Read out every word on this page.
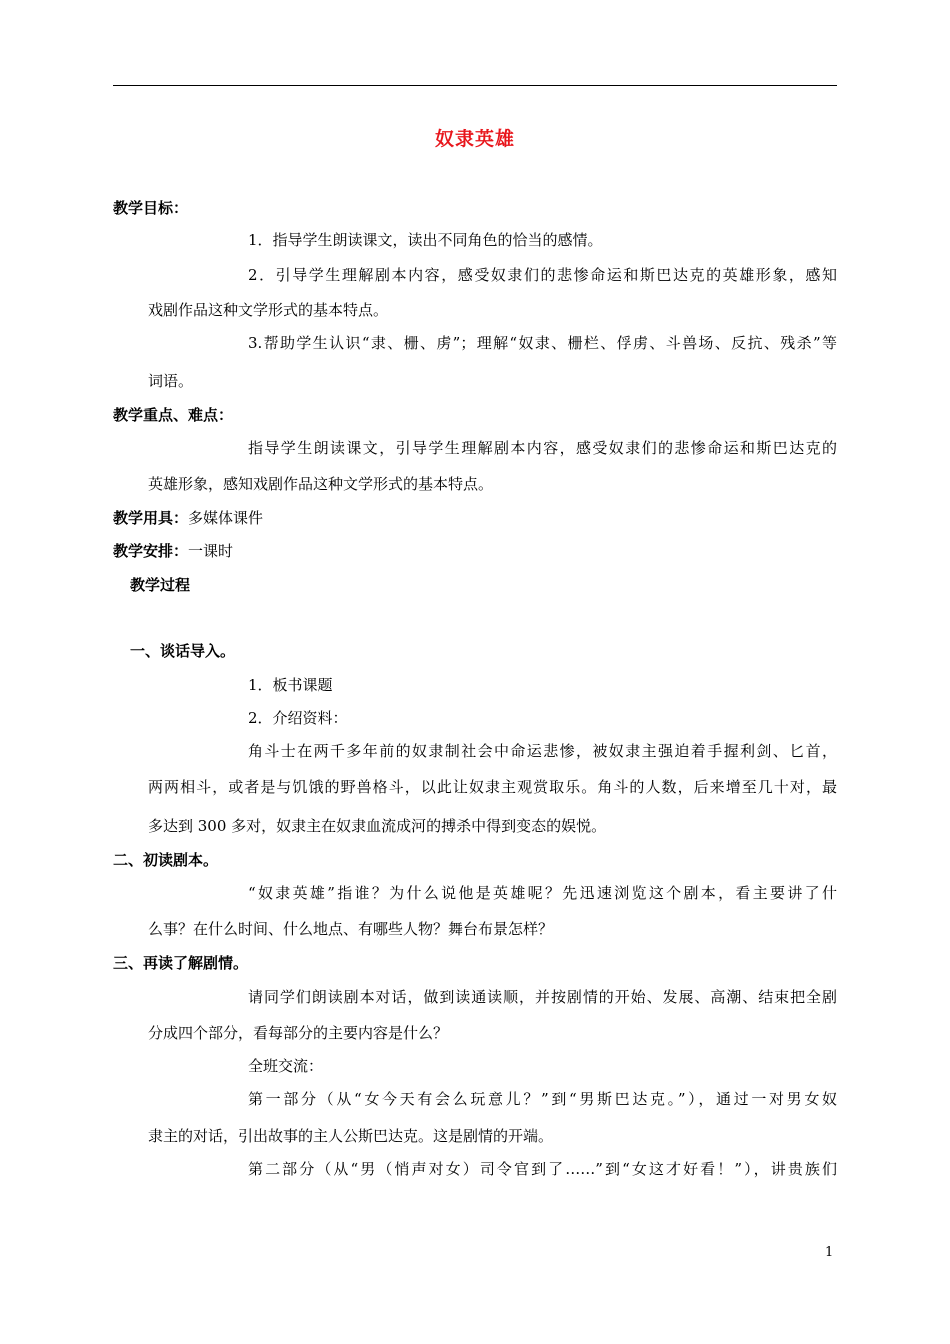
奴隶英雄
教学目标：
1．指导学生朗读课文，读出不同角色的恰当的感情。
2．引导学生理解剧本内容，感受奴隶们的悲惨命运和斯巴达克的英雄形象，感知
戏剧作品这种文学形式的基本特点。
3.帮助学生认识“隶、栅、虏”；理解“奴隶、栅栏、俘虏、斗兽场、反抗、残杀”等
词语。
教学重点、难点：
指导学生朗读课文，引导学生理解剧本内容，感受奴隶们的悲惨命运和斯巴达克的
英雄形象，感知戏剧作品这种文学形式的基本特点。
教学用具：多媒体课件
教学安排：一课时
教学过程
一、谈话导入。
1．板书课题
2．介绍资料：
角斗士在两千多年前的奴隶制社会中命运悲惨，被奴隶主强迫着手握利剑、匕首，
两两相斗，或者是与饥饿的野兽格斗，以此让奴隶主观赏取乐。角斗的人数，后来增至几十对，最
多达到 300 多对，奴隶主在奴隶血流成河的搏杀中得到变态的娱悦。
二、初读剧本。
“奴隶英雄”指谁？为什么说他是英雄呢？先迅速浏览这个剧本，看主要讲了什
么事？在什么时间、什么地点、有哪些人物？舞台布景怎样？
三、再读了解剧情。
请同学们朗读剧本对话，做到读通读顺，并按剧情的开始、发展、高潮、结束把全剧
分成四个部分，看每部分的主要内容是什么？
全班交流：
第一部分（从“女今天有会么玩意儿？”到“男斯巴达克。”），通过一对男女奴
隶主的对话，引出故事的主人公斯巴达克。这是剧情的开端。
第二部分（从“男（悄声对女）司令官到了……”到“女这才好看！”），讲贵族们
1
